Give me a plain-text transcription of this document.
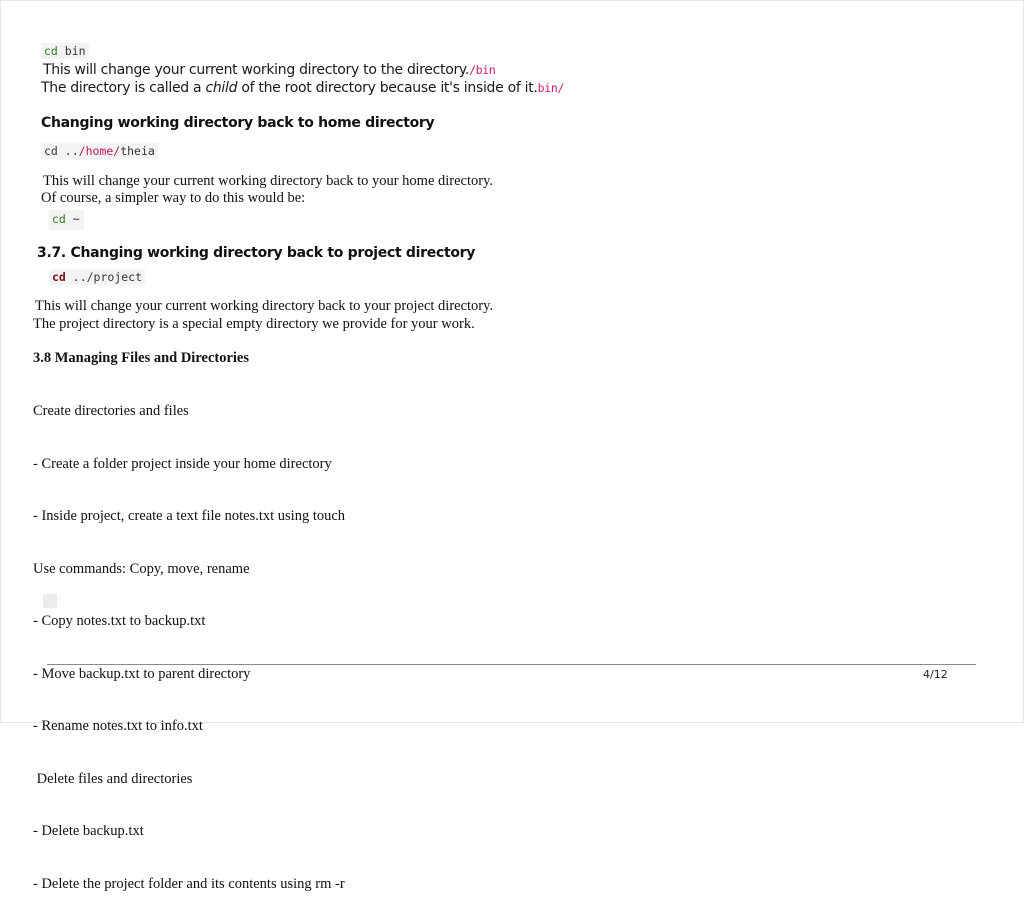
cd bin
This will change your current working directory to the directory./bin
The directory is called a child of the root directory because it's inside of it.bin/
Changing working directory back to home directory
cd ../home/theia
This will change your current working directory back to your home directory.
Of course, a simpler way to do this would be:
cd ~
3.7. Changing working directory back to project directory
cd ../project
This will change your current working directory back to your project directory.
The project directory is a special empty directory we provide for your work.
3.8 Managing Files and Directories

Create directories and files

- Create a folder project inside your home directory

- Inside project, create a text file notes.txt using touch

Use commands: Copy, move, rename

- Copy notes.txt to backup.txt

- Move backup.txt to parent directory

- Rename notes.txt to info.txt

Delete files and directories

- Delete backup.txt

- Delete the project folder and its contents using rm -r

4/12
